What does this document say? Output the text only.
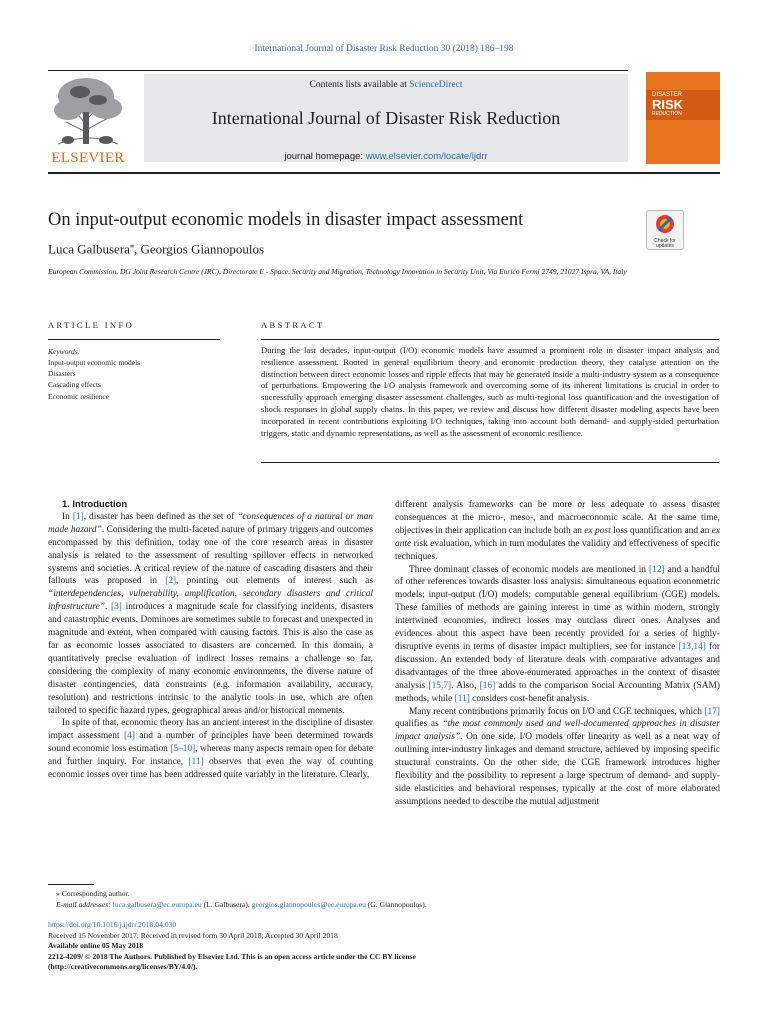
International Journal of Disaster Risk Reduction 30 (2018) 186–198
ELSEVIER
Contents lists available at ScienceDirect
International Journal of Disaster Risk Reduction
journal homepage: www.elsevier.com/locate/ijdrr
DISASTER
RISK
REDUCTION
On input-output economic models in disaster impact assessment
Luca Galbusera⁎, Georgios Giannopoulos
Check for updates
European Commission, DG Joint Research Centre (JRC), Directorate E - Space, Security and Migration, Technology Innovation in Security Unit, Via Enrico Fermi 2749, 21027 Ispra, VA, Italy
ARTICLE INFO	ABSTRACT
Keywords:
Input-output economic models
Disasters
Cascading effects
Economic resilience
During the last decades, input-output (I/O) economic models have assumed a prominent role in disaster impact analysis and resilience assessment. Rooted in general equilibrium theory and economic production theory, they catalyse attention on the distinction between direct economic losses and ripple effects that may be generated inside a multi-industry system as a consequence of perturbations. Empowering the I/O analysis framework and overcoming some of its inherent limitations is crucial in order to successfully approach emerging disaster assessment challenges, such as multi-regional loss quantification and the investigation of shock responses in global supply chains. In this paper, we review and discuss how different disaster modeling aspects have been incorporated in recent contributions exploiting I/O techniques, taking into account both demand- and supply-sided perturbation triggers, static and dynamic representations, as well as the assessment of economic resilience.

1. Introduction

In [1], disaster has been defined as the set of “consequences of a natural or man made hazard”. Considering the multi-faceted nature of primary triggers and outcomes encompassed by this definition, today one of the core research areas in disaster analysis is related to the assessment of resulting spillover effects in networked systems and societies. A critical review of the nature of cascading disasters and their fallouts was proposed in [2], pointing out elements of interest such as “interdependencies, vulnerability, amplification, secondary disasters and critical infrastructure”. [3] introduces a magnitude scale for classifying incidents, disasters and catastrophic events. Dominoes are sometimes subtle to forecast and unexpected in magnitude and extent, when compared with causing factors. This is also the case as far as economic losses associated to disasters are concerned. In this domain, a quantitatively precise evaluation of indirect losses remains a challenge so far, considering the complexity of many economic environments, the diverse nature of disaster contingencies, data constraints (e.g. information availability, accuracy, resolution) and restrictions intrinsic to the analytic tools in use, which are often tailored to specific hazard types, geographical areas and/or historical moments.

In spite of that, economic theory has an ancient interest in the discipline of disaster impact assessment [4] and a number of principles have been determined towards sound economic loss estimation [5–10], whereas many aspects remain open for debate and further inquiry. For instance, [11] observes that even the way of counting economic losses over time has been addressed quite variably in the literature. Clearly,

different analysis frameworks can be more or less adequate to assess disaster consequences at the micro-, meso-, and macroeconomic scale. At the same time, objectives in their application can include both an ex post loss quantification and an ex ante risk evaluation, which in turn modulates the validity and effectiveness of specific techniques.

Three dominant classes of economic models are mentioned in [12] and a handful of other references towards disaster loss analysis: simultaneous equation econometric models; input-output (I/O) models; computable general equilibrium (CGE) models. These families of methods are gaining interest in time as within modern, strongly intertwined economies, indirect losses may outclass direct ones. Analyses and evidences about this aspect have been recently provided for a series of highly-disruptive events in terms of disaster impact multipliers, see for instance [13,14] for discussion. An extended body of literature deals with comparative advantages and disadvantages of the three above-enumerated approaches in the context of disaster analysis [15,7]. Also, [16] adds to the comparison Social Accounting Matrix (SAM) methods, while [11] considers cost-benefit analysis.

Many recent contributions primarily focus on I/O and CGE techniques, which [17] qualifies as “the most commonly used and well-documented approaches in disaster impact analysis”. On one side, I/O models offer linearity as well as a neat way of outlining inter-industry linkages and demand structure, achieved by imposing specific structural constraints. On the other side, the CGE framework introduces higher flexibility and the possibility to represent a large spectrum of demand- and supply-side elasticities and behavioral responses, typically at the cost of more elaborated assumptions needed to describe the mutual adjustment

⁎ Corresponding author.
E-mail addresses: luca.galbusera@ec.europa.eu (L. Galbusera), georgios.giannopoulos@ec.europa.eu (G. Giannopoulos).
https://doi.org/10.1016/j.ijdrr.2018.04.030
Received 15 November 2017; Received in revised form 30 April 2018; Accepted 30 April 2018
Available online 05 May 2018
2212-4209/ © 2018 The Authors. Published by Elsevier Ltd. This is an open access article under the CC BY license
(http://creativecommons.org/licenses/BY/4.0/).
